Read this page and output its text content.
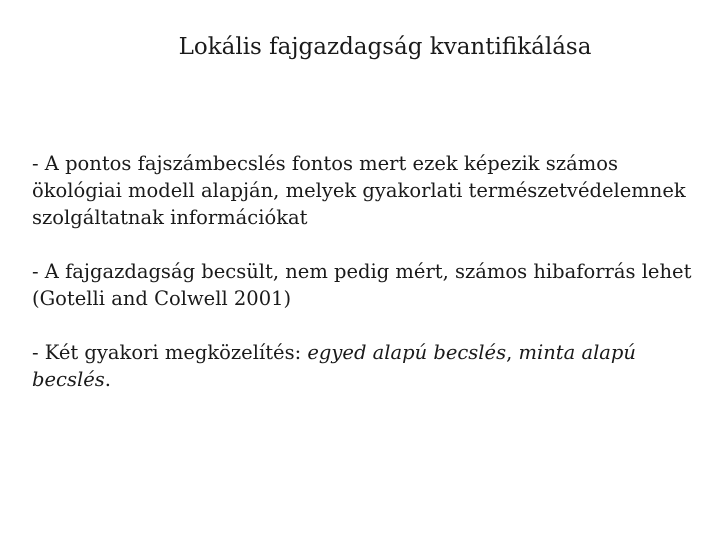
Lokális fajgazdagság kvantifikálása

- A pontos fajszámbecslés fontos mert ezek képezik számos ökológiai modell alapján, melyek gyakorlati természetvédelemnek szolgáltatnak információkat

- A fajgazdagság becsült, nem pedig mért, számos hibaforrás lehet (Gotelli and Colwell 2001)

- Két gyakori megközelítés: egyed alapú becslés, minta alapú becslés.
